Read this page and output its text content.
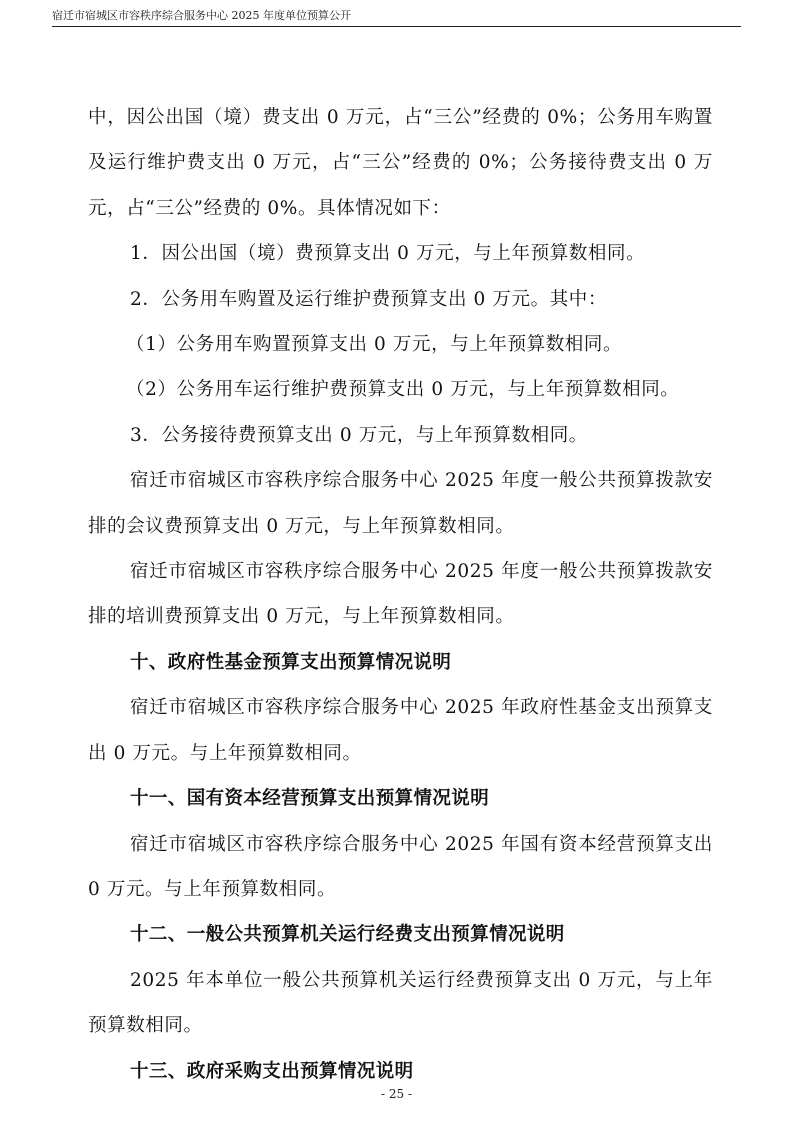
宿迁市宿城区市容秩序综合服务中心 2025 年度单位预算公开

中，因公出国（境）费支出 0 万元，占“三公”经费的 0%；公务用车购置及运行维护费支出 0 万元，占“三公”经费的 0%；公务接待费支出 0 万元，占“三公”经费的 0%。具体情况如下：

1．因公出国（境）费预算支出 0 万元，与上年预算数相同。

2．公务用车购置及运行维护费预算支出 0 万元。其中：

（1）公务用车购置预算支出 0 万元，与上年预算数相同。

（2）公务用车运行维护费预算支出 0 万元，与上年预算数相同。

3．公务接待费预算支出 0 万元，与上年预算数相同。

宿迁市宿城区市容秩序综合服务中心 2025 年度一般公共预算拨款安排的会议费预算支出 0 万元，与上年预算数相同。

宿迁市宿城区市容秩序综合服务中心 2025 年度一般公共预算拨款安排的培训费预算支出 0 万元，与上年预算数相同。

十、政府性基金预算支出预算情况说明

宿迁市宿城区市容秩序综合服务中心 2025 年政府性基金支出预算支出 0 万元。与上年预算数相同。

十一、国有资本经营预算支出预算情况说明

宿迁市宿城区市容秩序综合服务中心 2025 年国有资本经营预算支出 0 万元。与上年预算数相同。

十二、一般公共预算机关运行经费支出预算情况说明

2025 年本单位一般公共预算机关运行经费预算支出 0 万元，与上年预算数相同。

十三、政府采购支出预算情况说明

- 25 -
